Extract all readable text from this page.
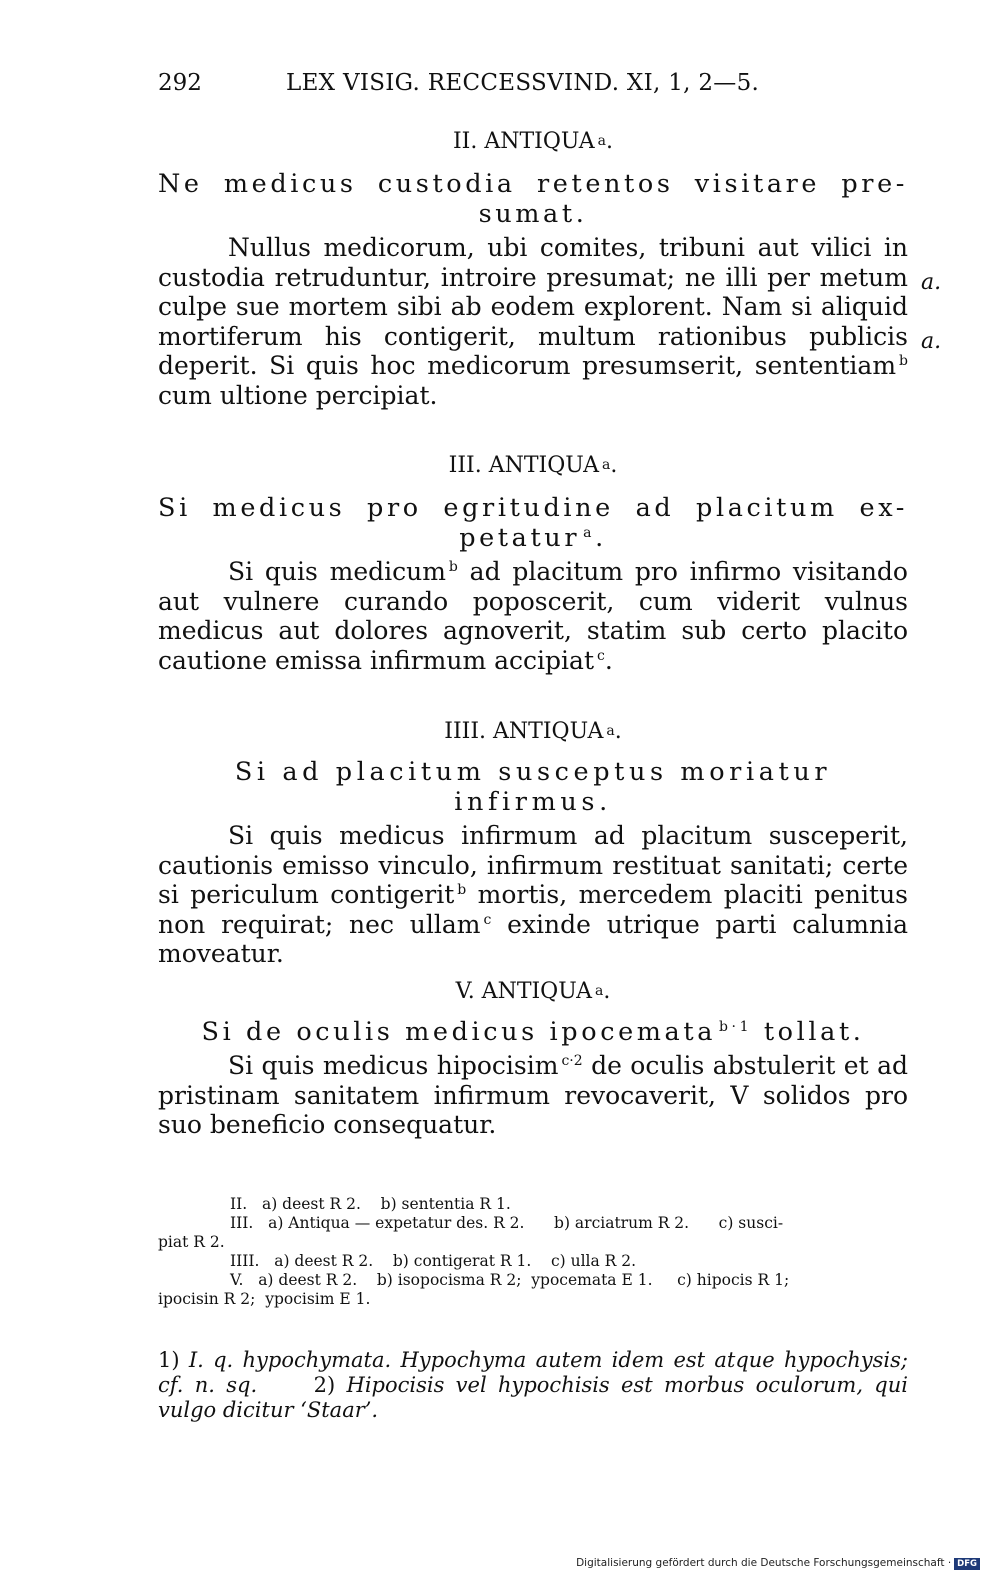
292	LEX VISIG. RECCESSVIND. XI, 1, 2—5.
II. ANTIQUA a.
Ne medicus custodia retentos visitare pre- sumat.
Nullus medicorum, ubi comites, tribuni aut vilici in custodia retruduntur, introire presumat; ne illi per metum culpe sue mortem sibi ab eodem explorent. Nam si aliquid mortiferum his contigerit, multum rationibus publicis deperit. Si quis hoc medicorum presumserit, sententiam $^b$ cum ultione percipiat.
III. ANTIQUA a.
Si medicus pro egritudine ad placitum ex- petatur $^a$.
Si quis medicum $^b$ ad placitum pro infirmo visitando aut vulnere curando poposcerit, cum viderit vulnus medicus aut dolores agnoverit, statim sub certo placito cautione emissa infirmum accipiat $^c$.
IIII. ANTIQUA a.
Si ad placitum susceptus moriatur infirmus.
Si quis medicus infirmum ad placitum susceperit, cautionis emisso vinculo, infirmum restituat sanitati; certe si periculum contigerit $^b$ mortis, mercedem placiti penitus non requirat; nec ullam $^c$ exinde utrique parti calumnia moveatur.
V. ANTIQUA a.
Si de oculis medicus ipocemata $^{b\cdot 1}$ tollat.
Si quis medicus hipocisim $^{c\cdot 2}$ de oculis abstulerit et ad pristinam sanitatem infirmum revocaverit, V solidos pro suo beneficio consequatur.
a.
a.
II.   a) deest R 2.    b) sententia R 1.
III.   a) Antiqua — expetatur des. R 2.      b) arciatrum R 2.      c) susci-
piat R 2.
IIII.   a) deest R 2.    b) contigerat R 1.    c) ulla R 2.
V.   a) deest R 2.    b) isopocisma R 2;  ypocemata E 1.     c) hipocis R 1;
ipocisin R 2;  ypocisim E 1.
1) I. q. hypochymata. Hypochyma autem idem est atque hypochysis; cf. n. sq.	2) Hipocisis vel hypochisis est morbus oculorum, qui vulgo dicitur ‘Staar’.
Digitalisierung gefördert durch die Deutsche Forschungsgemeinschaft · DFG
